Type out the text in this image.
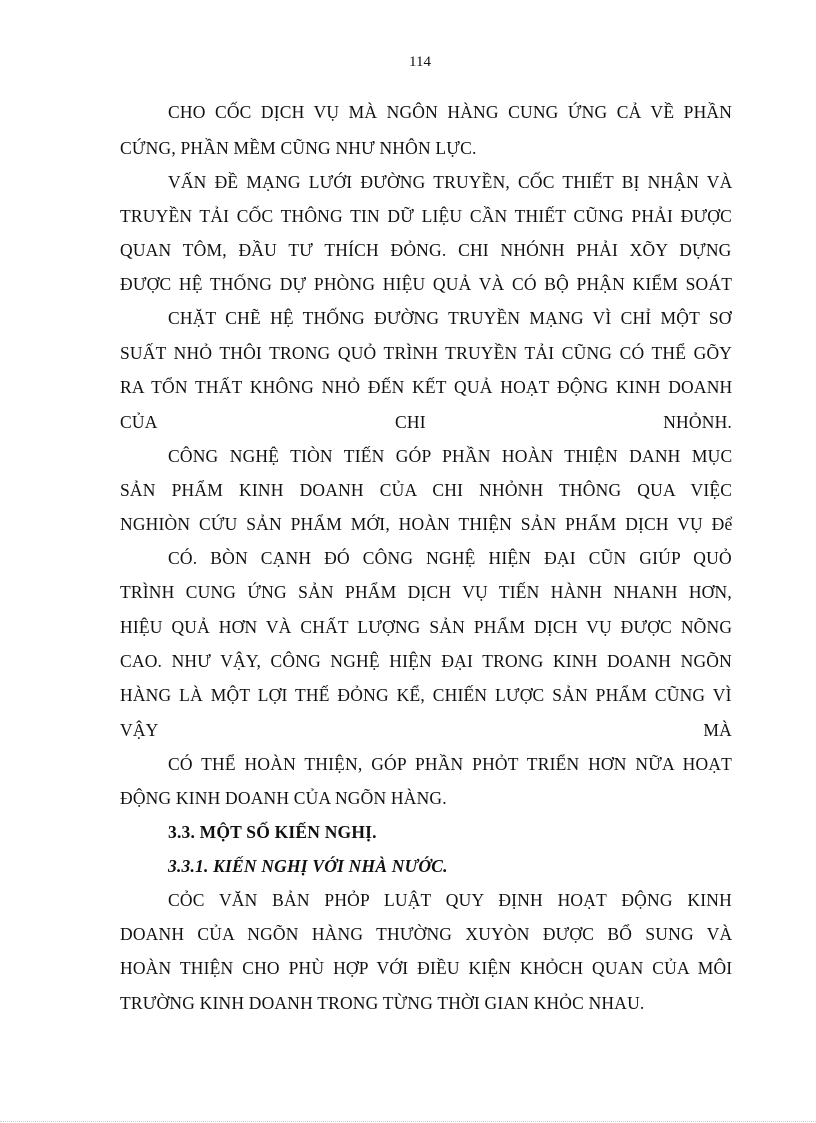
114
CHO CỐC DỊCH VỤ MÀ NGÔN HÀNG CUNG ỨNG CẢ VỀ PHẦN
CỨNG, PHẦN MỀM CŨNG NHƯ NHÔN LỰC.
VẤN ĐỀ MẠNG LƯỚI ĐƯỜNG TRUYỀN, CỐC THIẾT BỊ NHẬN VÀ
TRUYỀN TẢI CỐC THÔNG TIN DỮ LIỆU CẦN THIẾT CŨNG PHẢI ĐƯỢC
QUAN TÔM, ĐẦU TƯ THÍCH ĐỎNG. CHI NHÓNH PHẢI XÕY DỰNG
ĐƯỢC HỆ THỐNG DỰ PHÒNG HIỆU QUẢ VÀ CÓ BỘ PHẬN KIỂM SOÁT
CHẶT CHẼ HỆ THỐNG ĐƯỜNG TRUYỀN MẠNG VÌ CHỈ MỘT SƠ
SUẤT NHỎ THÔI TRONG QUỎ TRÌNH TRUYỀN TẢI CŨNG CÓ THỂ GÕY
RA TỔN THẤT KHÔNG NHỎ ĐẾN KẾT QUẢ HOẠT ĐỘNG KINH DOANH
CỦA	CHI	NHỎNH.
CÔNG NGHỆ TIÒN TIẾN GÓP PHẦN HOÀN THIỆN DANH MỤC
SẢN PHẨM KINH DOANH CỦA CHI NHỎNH THÔNG QUA VIỆC
NGHIÒN CỨU SẢN PHẨM MỚI, HOÀN THIỆN SẢN PHẨM DỊCH VỤ Để
CÓ. BÒN CẠNH ĐÓ CÔNG NGHỆ HIỆN ĐẠI CŨN GIÚP QUỎ
TRÌNH CUNG ỨNG SẢN PHẨM DỊCH VỤ TIẾN HÀNH NHANH HƠN,
HIỆU QUẢ HƠN VÀ CHẤT LƯỢNG SẢN PHẨM DỊCH VỤ ĐƯỢC NÕNG
CAO. NHƯ VẬY, CÔNG NGHỆ HIỆN ĐẠI TRONG KINH DOANH NGÕN
HÀNG LÀ MỘT LỢI THẾ ĐỎNG KỂ, CHIẾN LƯỢC SẢN PHẨM CŨNG VÌ
VẬY	MÀ
CÓ THỂ HOÀN THIỆN, GÓP PHẦN PHỎT TRIỂN HƠN NỮA HOẠT
ĐỘNG KINH DOANH CỦA NGÕN HÀNG.
3.3. MỘT SỐ KIẾN NGHỊ.
3.3.1. KIẾN NGHỊ VỚI NHÀ NƯỚC.
CỎC VĂN BẢN PHỎP LUẬT QUY ĐỊNH HOẠT ĐỘNG KINH
DOANH CỦA NGÕN HÀNG THƯỜNG XUYÒN ĐƯỢC BỔ SUNG VÀ
HOÀN THIỆN CHO PHÙ HỢP VỚI ĐIỀU KIỆN KHỎCH QUAN CỦA MÔI
TRƯỜNG KINH DOANH TRONG TỪNG THỜI GIAN KHỎC NHAU.
